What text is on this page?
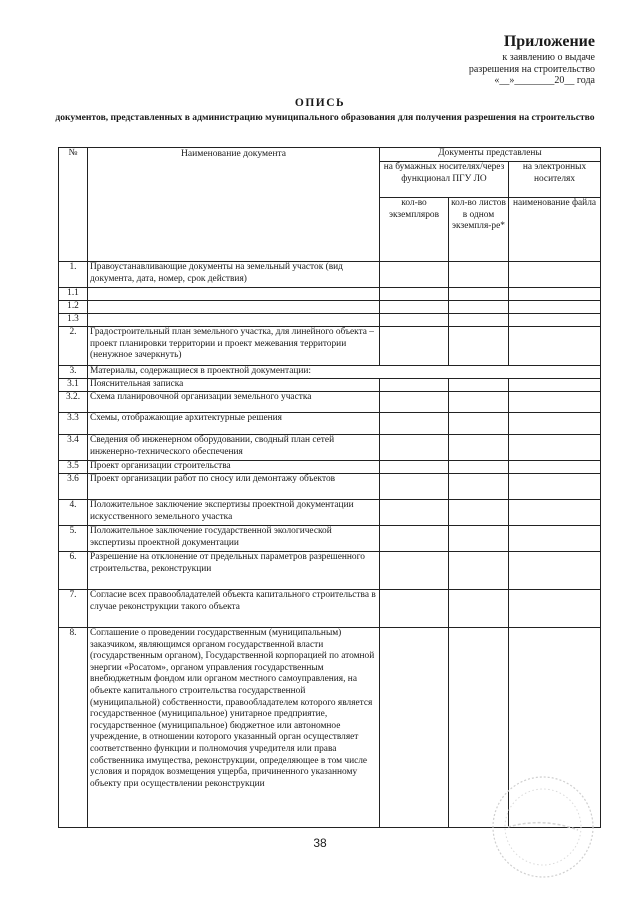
Приложение
к заявлению о выдаче
разрешения на строительство
«__»________20__ года
ОПИСЬ
документов, представленных в администрацию муниципального образования для получения разрешения на строительство
№	Наименование документа	Документы представлены		
		на бумажных носителях/через функционал ПГУ ЛО		на электронных носителях
		кол-во экземпляров	кол-во листов в одном экземпля-ре*	наименование файла
1.	Правоустанавливающие документы на земельный участок (вид документа, дата, номер, срок действия)			
1.1				
1.2				
1.3				
2.	Градостроительный план земельного участка, для линейного объекта – проект планировки территории и проект межевания территории (ненужное зачеркнуть)			
3.	Материалы, содержащиеся в проектной документации:			
3.1	Пояснительная записка			
3.2.	Схема планировочной организации земельного участка			
3.3	Схемы, отображающие архитектурные решения			
3.4	Сведения об инженерном оборудовании, сводный план сетей инженерно-технического обеспечения			
3.5	Проект организации строительства			
3.6	Проект организации работ по сносу или демонтажу объектов			
4.	Положительное заключение экспертизы проектной документации искусственного земельного участка			
5.	Положительное заключение государственной экологической экспертизы проектной документации			
6.	Разрешение на отклонение от предельных параметров разрешенного строительства, реконструкции			
7.	Согласие всех правообладателей объекта капитального строительства в случае реконструкции такого объекта			
8.	Соглашение о проведении государственным (муниципальным) заказчиком, являющимся органом государственной власти (государственным органом), Государственной корпорацией по атомной энергии «Росатом», органом управления государственным внебюджетным фондом или органом местного самоуправления, на объекте капитального строительства государственной (муниципальной) собственности, правообладателем которого является государственное (муниципальное) унитарное предприятие, государственное (муниципальное) бюджетное или автономное учреждение, в отношении которого указанный орган осуществляет соответственно функции и полномочия учредителя или права собственника имущества, реконструкции, определяющее в том числе условия и порядок возмещения ущерба, причиненного указанному объекту при осуществлении реконструкции			
38
